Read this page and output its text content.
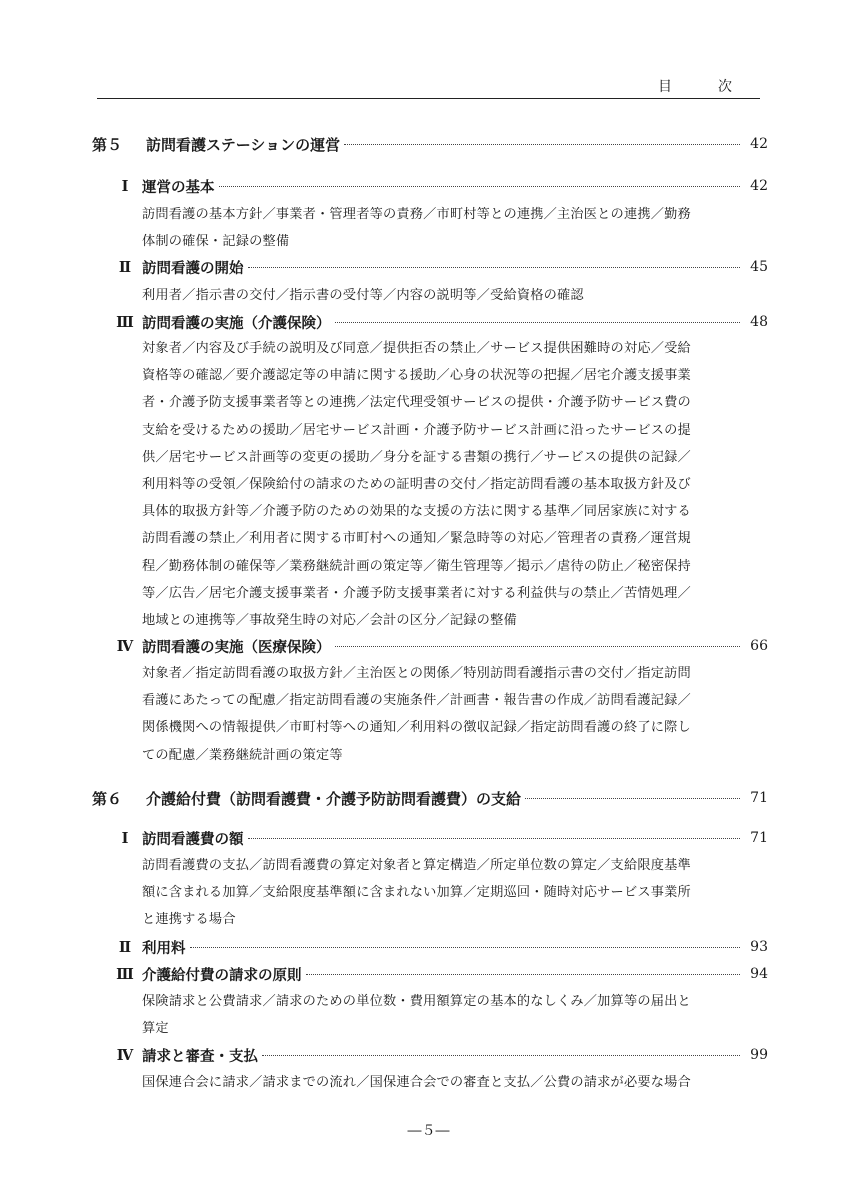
目　次
第５	訪問看護ステーションの運営	42
Ⅰ 運営の基本	42
訪問看護の基本方針／事業者・管理者等の責務／市町村等との連携／主治医との連携／勤務
体制の確保・記録の整備
Ⅱ 訪問看護の開始	45
利用者／指示書の交付／指示書の受付等／内容の説明等／受給資格の確認
Ⅲ 訪問看護の実施（介護保険）	48
対象者／内容及び手続の説明及び同意／提供拒否の禁止／サービス提供困難時の対応／受給
資格等の確認／要介護認定等の申請に関する援助／心身の状況等の把握／居宅介護支援事業
者・介護予防支援事業者等との連携／法定代理受領サービスの提供・介護予防サービス費の
支給を受けるための援助／居宅サービス計画・介護予防サービス計画に沿ったサービスの提
供／居宅サービス計画等の変更の援助／身分を証する書類の携行／サービスの提供の記録／
利用料等の受領／保険給付の請求のための証明書の交付／指定訪問看護の基本取扱方針及び
具体的取扱方針等／介護予防のための効果的な支援の方法に関する基準／同居家族に対する
訪問看護の禁止／利用者に関する市町村への通知／緊急時等の対応／管理者の責務／運営規
程／勤務体制の確保等／業務継続計画の策定等／衛生管理等／掲示／虐待の防止／秘密保持
等／広告／居宅介護支援事業者・介護予防支援事業者に対する利益供与の禁止／苦情処理／
地域との連携等／事故発生時の対応／会計の区分／記録の整備
Ⅳ 訪問看護の実施（医療保険）	66
対象者／指定訪問看護の取扱方針／主治医との関係／特別訪問看護指示書の交付／指定訪問
看護にあたっての配慮／指定訪問看護の実施条件／計画書・報告書の作成／訪問看護記録／
関係機関への情報提供／市町村等への通知／利用料の徴収記録／指定訪問看護の終了に際し
ての配慮／業務継続計画の策定等
第６	介護給付費（訪問看護費・介護予防訪問看護費）の支給	71
Ⅰ 訪問看護費の額	71
訪問看護費の支払／訪問看護費の算定対象者と算定構造／所定単位数の算定／支給限度基準
額に含まれる加算／支給限度基準額に含まれない加算／定期巡回・随時対応サービス事業所
と連携する場合
Ⅱ 利用料	93
Ⅲ 介護給付費の請求の原則	94
保険請求と公費請求／請求のための単位数・費用額算定の基本的なしくみ／加算等の届出と
算定
Ⅳ 請求と審査・支払	99
国保連合会に請求／請求までの流れ／国保連合会での審査と支払／公費の請求が必要な場合
―５―
